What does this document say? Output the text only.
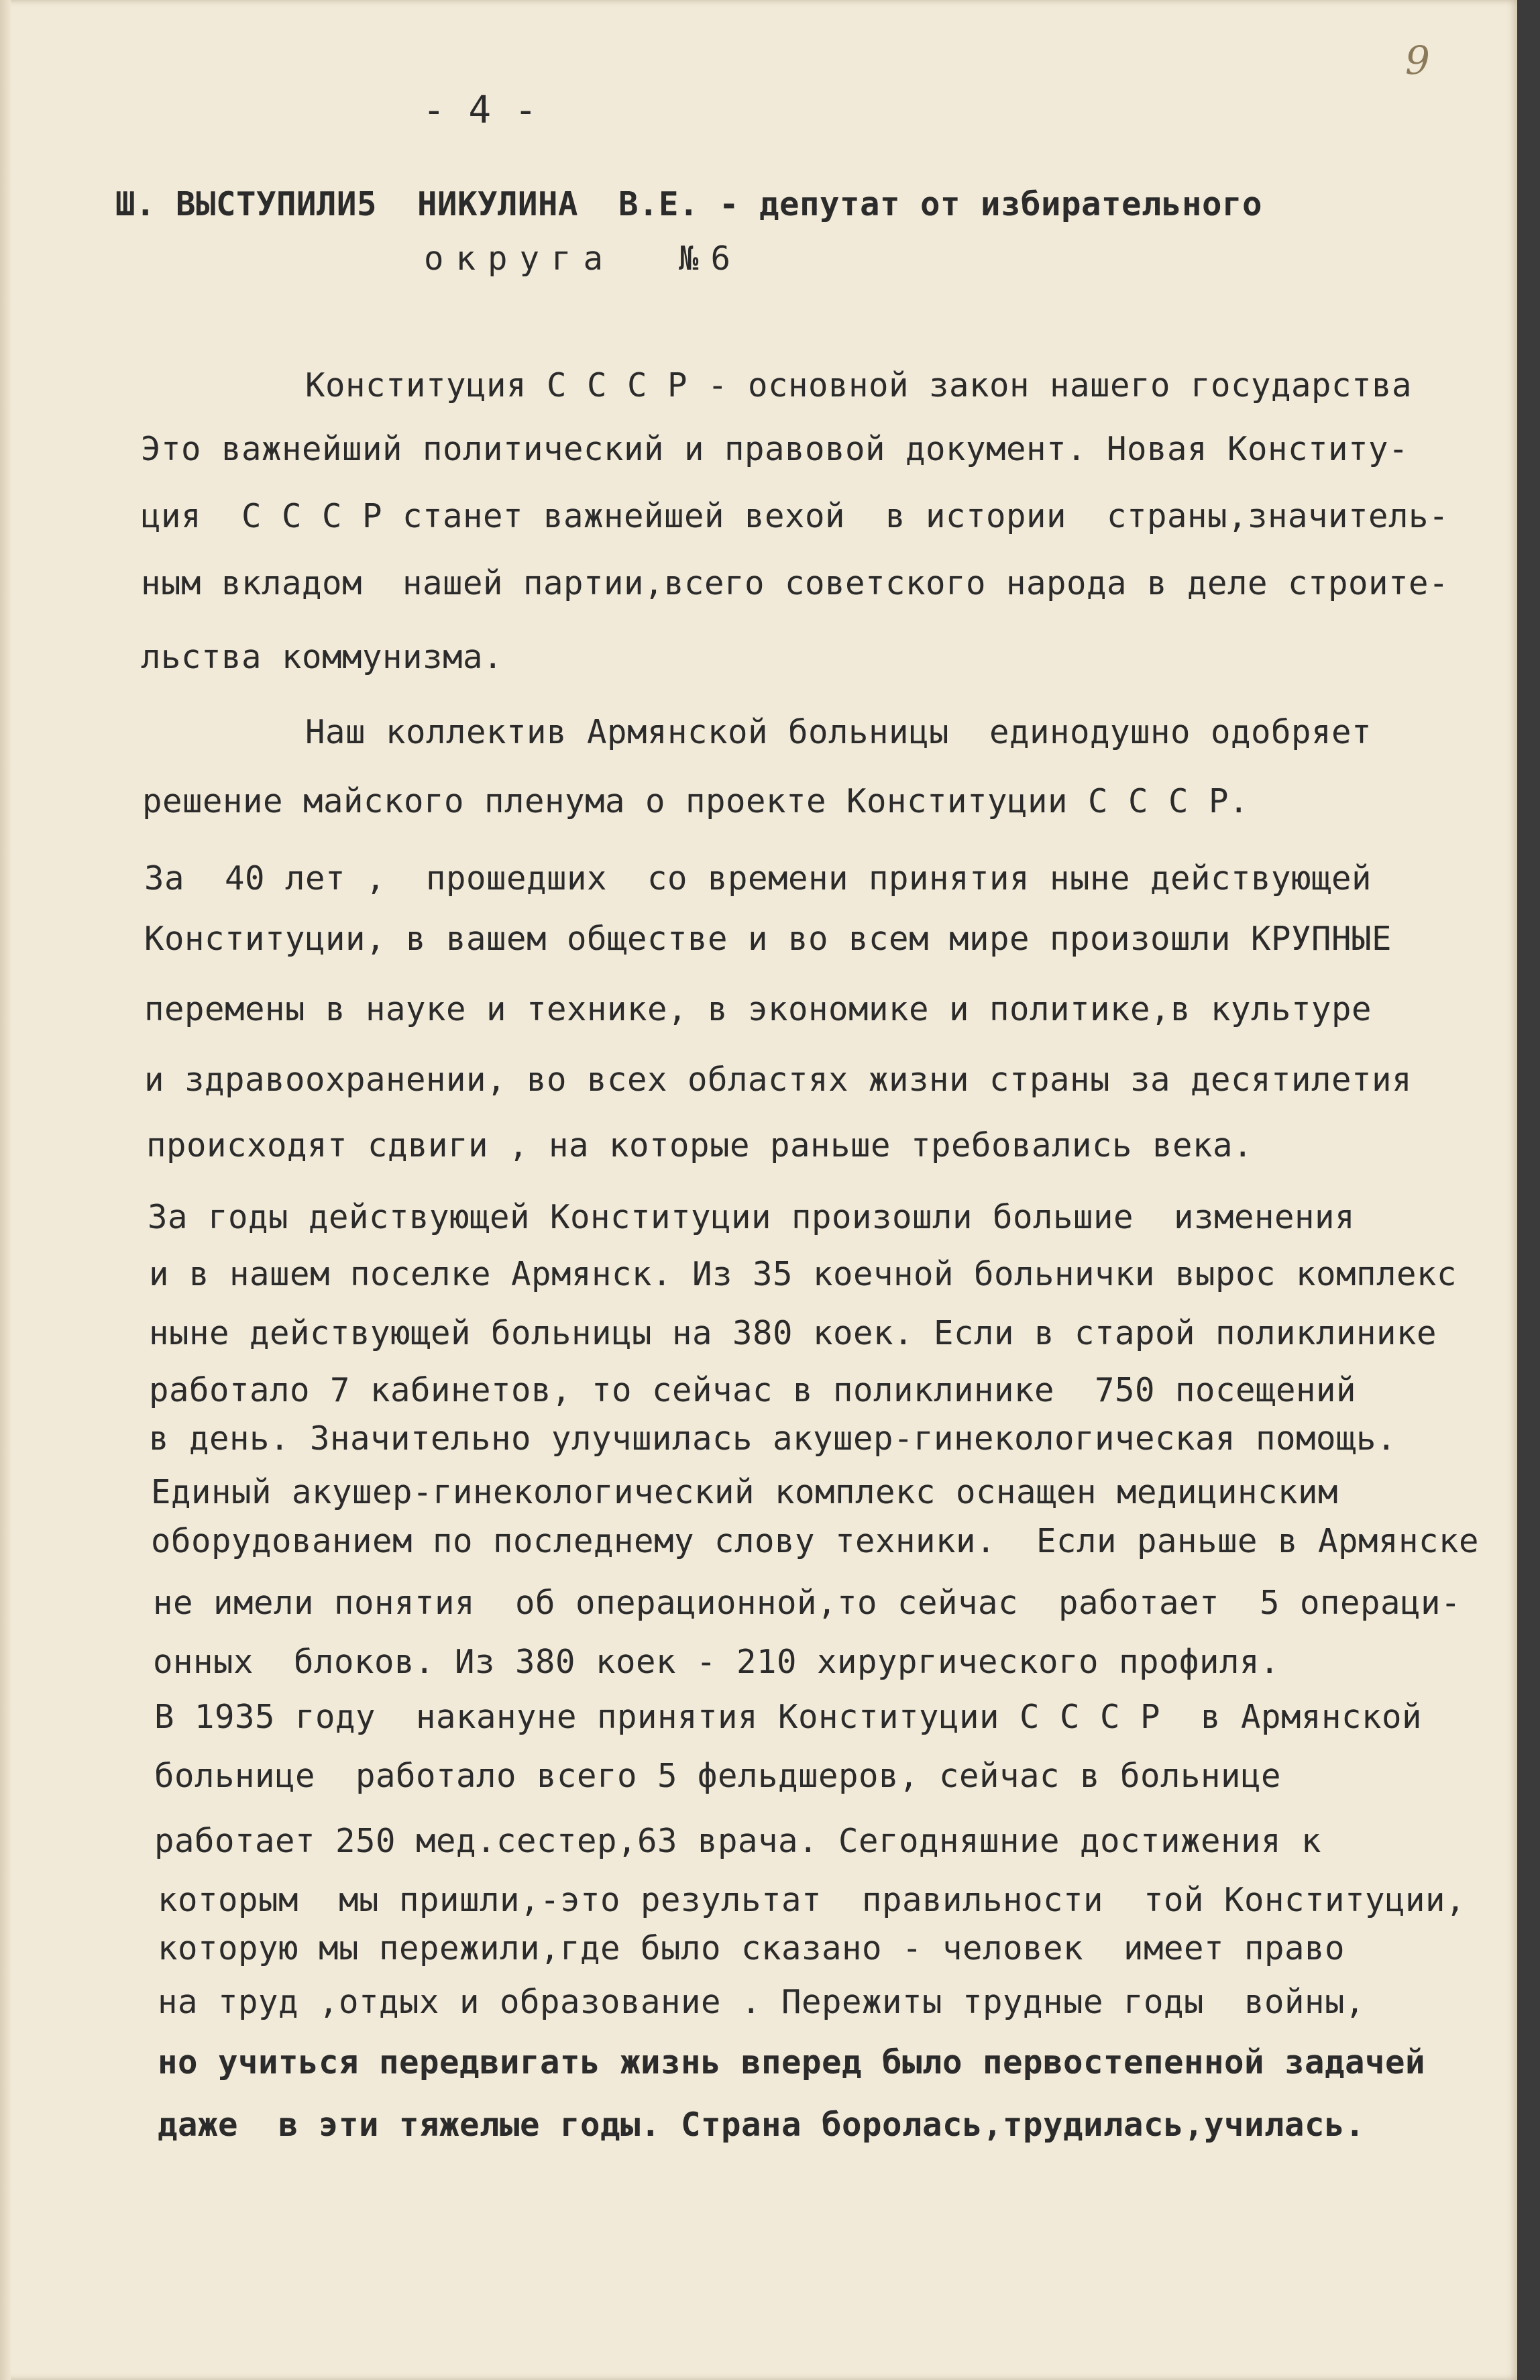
9
- 4 -
Ш. ВЫСТУПИЛИ5  НИКУЛИНА  В.Е. - депутат от избирательного
округа  №6
Конституция С С С Р - основной закон нашего государства
Это важнейший политический и правовой документ. Новая Конститу-
ция  С С С Р станет важнейшей вехой  в истории  страны,значитель-
ным вкладом  нашей партии,всего советского народа в деле строите-
льства коммунизма.
Наш коллектив Армянской больницы  единодушно одобряет
решение майского пленума о проекте Конституции С С С Р.
За  40 лет ,  прошедших  со времени принятия ныне действующей
Конституции, в вашем обществе и во всем мире произошли КРУПНЫЕ
перемены в науке и технике, в экономике и политике,в культуре
и здравоохранении, во всех областях жизни страны за десятилетия
происходят сдвиги , на которые раньше требовались века.
За годы действующей Конституции произошли большие  изменения
и в нашем поселке Армянск. Из 35 коечной больнички вырос комплекс
ныне действующей больницы на 380 коек. Если в старой поликлинике
работало 7 кабинетов, то сейчас в поликлинике  750 посещений
в день. Значительно улучшилась акушер-гинекологическая помощь.
Единый акушер-гинекологический комплекс оснащен медицинским
оборудованием по последнему слову техники.  Если раньше в Армянске
не имели понятия  об операционной,то сейчас  работает  5 операци-
онных  блоков. Из 380 коек - 210 хирургического профиля.
В 1935 году  накануне принятия Конституции С С С Р  в Армянской
больнице  работало всего 5 фельдшеров, сейчас в больнице
работает 250 мед.сестер,63 врача. Сегодняшние достижения к
которым  мы пришли,-это результат  правильности  той Конституции,
которую мы пережили,где было сказано - человек  имеет право
на труд ,отдых и образование . Пережиты трудные годы  войны,
но учиться передвигать жизнь вперед было первостепенной задачей
даже  в эти тяжелые годы. Страна боролась,трудилась,училась.
